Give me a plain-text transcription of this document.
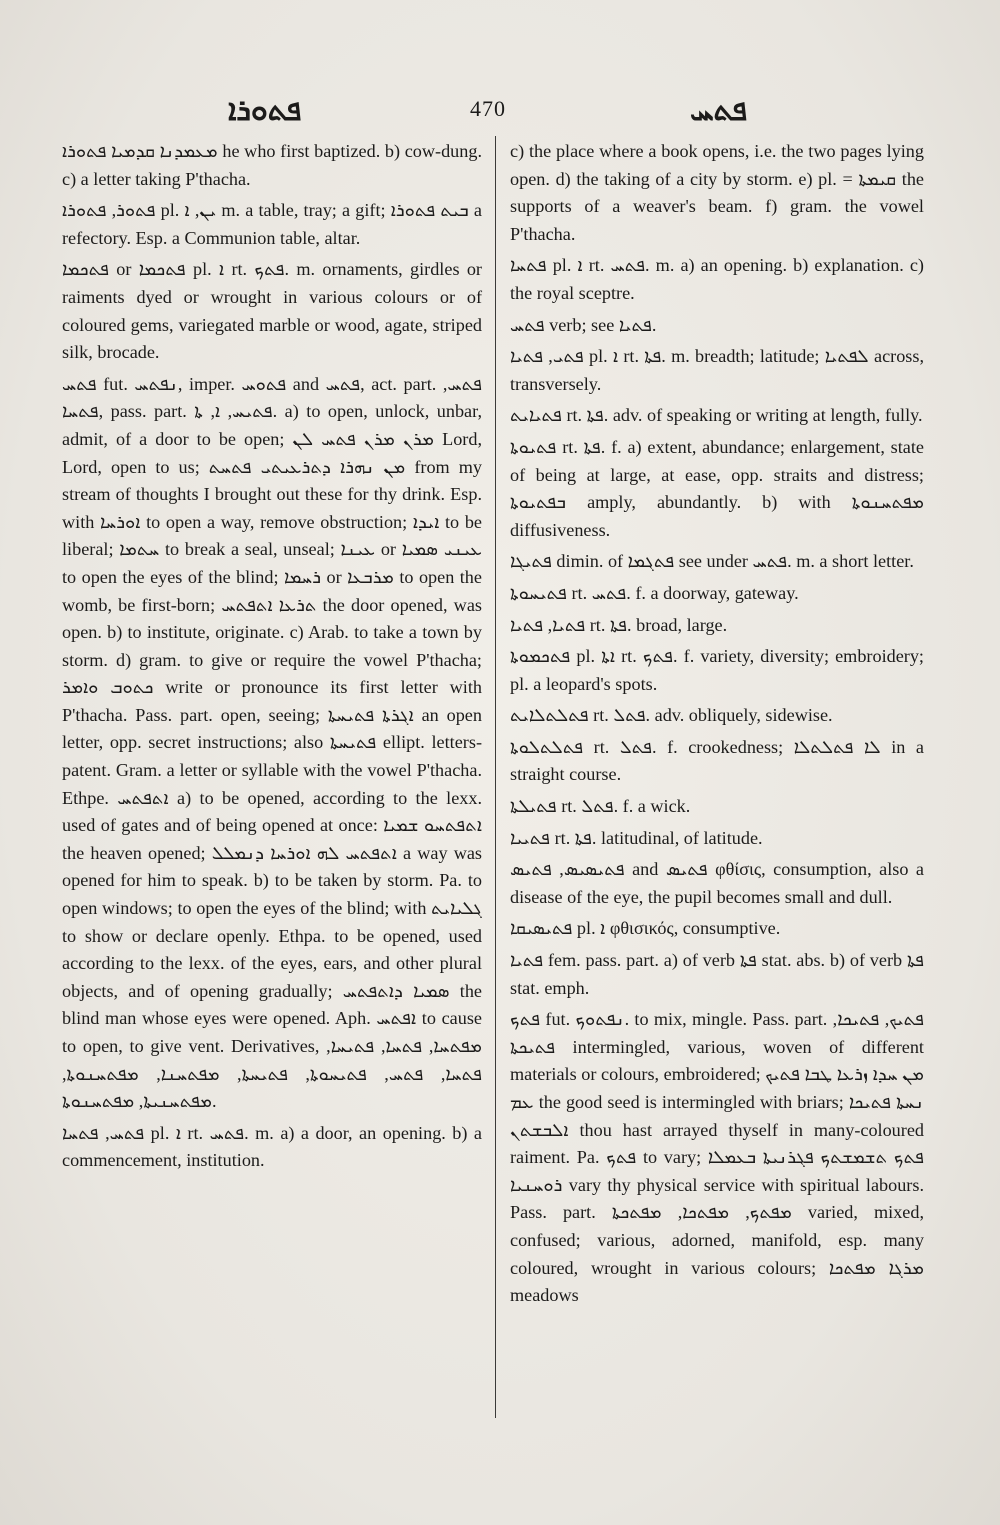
ܦܬܘܪܐ	470	ܦܬܚ

ܡܥܡܕܢܐ ܩܕܡܝܐ ܦܬܘܪܐ he who first baptized. b) cow-dung. c) a letter taking P'thacha.

ܦܬܘܪ, ܦܬܘܪܐ pl. ܝܢ, ܐ m. a table, tray; a gift; ܒܝܬ ܦܬܘܪܐ a refectory. Esp. a Communion table, altar.

ܦܬܟܡܐ or ܦܬܟܡܐ pl. ܐ rt. ܦܬܟ. m. ornaments, girdles or raiments dyed or wrought in various colours or of coloured gems, variegated marble or wood, agate, striped silk, brocade.

ܦܬܚ fut. ܢܦܬܚ, imper. ܦܬܘܚ and ܦܬܚ, act. part. ܦܬܚ, ܦܬܚܐ, pass. part. ܦܬܝܚ, ܐ, ܬܐ. a) to open, unlock, unbar, admit, of a door to be open; ܡܪܢ ܡܪܢ ܦܬܚ ܠܢ Lord, Lord, open to us; ܡܢ ܢܗܪܐ ܕܬܪܥܝܬܝ ܦܬܚܬ from my stream of thoughts I brought out these for thy drink. Esp. with ܐܘܪܚܐ to open a way, remove obstruction; ܐܝܕܐ to be liberal; ܚܬܡܐ to break a seal, unseal; ܥܝܢܐ or ܥܝܢܝ ܣܡܝܐ to open the eyes of the blind; ܪܚܡܐ or ܡܪܒܥܐ to open the womb, be first-born; ܬܪܥܐ ܐܬܦܬܚ the door opened, was open. b) to institute, originate. c) Arab. to take a town by storm. d) gram. to give or require the vowel P'thacha; ܟܬܘܒ ܘܐܡܪ write or pronounce its first letter with P'thacha. Pass. part. open, seeing; ܐܓܪܬܐ ܦܬܝܚܬܐ an open letter, opp. secret instructions; also ܦܬܝܚܬܐ ellipt. letters-patent. Gram. a letter or syllable with the vowel P'thacha. Ethpe. ܐܬܦܬܚ a) to be opened, according to the lexx. used of gates and of being opened at once: ܐܬܦܬܚܘ ܫܡܝܐ the heaven opened; ܐܬܦܬܚ ܠܗ ܐܘܪܚܐ ܕܢܡܠܠ a way was opened for him to speak. b) to be taken by storm. Pa. to open windows; to open the eyes of the blind; with ܓܠܝܐܝܬ to show or declare openly. Ethpa. to be opened, used according to the lexx. of the eyes, ears, and other plural objects, and of opening gradually; ܣܡܝܐ ܕܐܬܦܬܚ the blind man whose eyes were opened. Aph. ܐܦܬܚ to cause to open, to give vent. Derivatives, ܡܦܬܚܐ, ܦܬܚܐ, ܦܬܝܚܐ, ܦܬܚܐ, ܦܬܚ, ܦܬܝܚܘܬܐ, ܦܬܝܚܬܐ, ܡܦܬܚܢܐ, ܡܦܬܚܢܘܬܐ, ܡܦܬܚܢܝܬܐ, ܡܦܬܚܢܘܬܐ.

ܦܬܚ, ܦܬܚܐ pl. ܐ rt. ܦܬܚ. m. a) a door, an opening. b) a commencement, institution.

c) the place where a book opens, i.e. the two pages lying open. d) the taking of a city by storm. e) pl. = ܩܝܡܬܐ the supports of a weaver's beam. f) gram. the vowel P'thacha.

ܦܬܚܐ pl. ܐ rt. ܦܬܚ. m. a) an opening. b) explanation. c) the royal sceptre.

ܦܬܚ verb; see ܦܬܝܐ.

ܦܬܝ, ܦܬܝܐ pl. ܐ rt. ܦܬܐ. m. breadth; latitude; ܠܦܬܝܐ across, transversely.

ܦܬܝܐܝܬ rt. ܦܬܐ. adv. of speaking or writing at length, fully.

ܦܬܝܘܬܐ rt. ܦܬܐ. f. a) extent, abundance; enlargement, state of being at large, at ease, opp. straits and distress; ܒܦܬܝܘܬܐ amply, abundantly. b) with ܡܦܬܚܢܘܬܐ diffusiveness.

ܦܬܝܓܐ dimin. of ܦܬܓܡܐ see under ܦܬܚ. m. a short letter.

ܦܬܝܚܘܬܐ rt. ܦܬܚ. f. a doorway, gateway.

ܦܬܝܐ, ܦܬܝܐ rt. ܦܬܐ. broad, large.

ܦܬܟܡܘܬܐ pl. ܐܬܐ rt. ܦܬܟ. f. variety, diversity; embroidery; pl. a leopard's spots.

ܦܬܠܬܠܐܝܬ rt. ܦܬܠ. adv. obliquely, sidewise.

ܦܬܠܬܠܘܬܐ rt. ܦܬܠ. f. crookedness; ܠܐ ܦܬܠܬܠܐ in a straight course.

ܦܬܝܠܬܐ rt. ܦܬܠ. f. a wick.

ܦܬܝܝܐ rt. ܦܬܐ. latitudinal, of latitude.

ܦܬܝܣܝܣ, ܦܬܝܣ and ܦܬܝܣ φθίσις, consumption, also a disease of the eye, the pupil becomes small and dull.

ܦܬܝܣܝܩܐ pl. ܐ φθισικός, consumptive.

ܦܬܝܐ fem. pass. part. a) of verb ܦܬܐ stat. abs. b) of verb ܦܬܐ stat. emph.

ܦܬܟ fut. ܢܦܬܘܟ. to mix, mingle. Pass. part. ܦܬܝܟ, ܦܬܝܟܐ, ܦܬܝܟܬܐ intermingled, various, woven of different materials or colours, embroidered; ܡܢ ܚܕܐ ܙܪܥܐ ܛܒܐ ܦܬܝܟ ܥܡ the good seed is intermingled with briars; ܢܚܬܐ ܦܬܝܟܐ ܐܠܒܫܬܢ thou hast arrayed thyself in many-coloured raiment. Pa. ܦܬܟ to vary; ܦܬܟ ܬܫܡܫܬܟ ܦܓܪܢܝܬܐ ܒܥܡܠܐ ܪܘܚܢܝܐ vary thy physical service with spiritual labours. Pass. part. ܡܦܬܟ, ܡܦܬܟܐ, ܡܦܬܟܬܐ varied, mixed, confused; various, adorned, manifold, esp. many coloured, wrought in various colours; ܡܪܓܐ ܡܦܬܟܐ meadows
